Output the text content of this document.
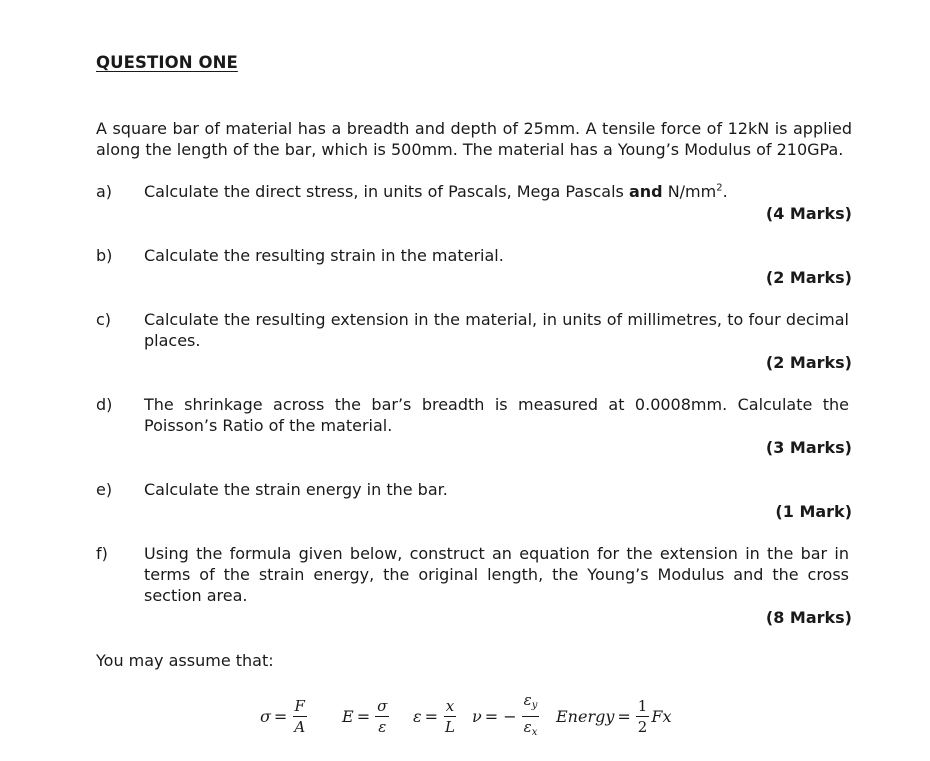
QUESTION ONE
A square bar of material has a breadth and depth of 25mm. A tensile force of 12kN is applied along the length of the bar, which is 500mm. The material has a Young’s Modulus of 210GPa.
a) Calculate the direct stress, in units of Pascals, Mega Pascals and $N/mm^2$.
(4 Marks)
b) Calculate the resulting strain in the material.
(2 Marks)
c) Calculate the resulting extension in the material, in units of millimetres, to four decimal places.
(2 Marks)
d) The shrinkage across the bar’s breadth is measured at 0.0008mm. Calculate the Poisson’s Ratio of the material.
(3 Marks)
e) Calculate the strain energy in the bar.
(1 Mark)
f) Using the formula given below, construct an equation for the extension in the bar in terms of the strain energy, the original length, the Young’s Modulus and the cross section area.
(8 Marks)
You may assume that:
$\sigma = \frac{F}{A}$ $E = \frac{\sigma}{\varepsilon}$ $\varepsilon = \frac{x}{L}$ ν = − $\frac{\varepsilon_y}{\varepsilon_x}$ Energy = $\frac{1}{2}$ Fx
